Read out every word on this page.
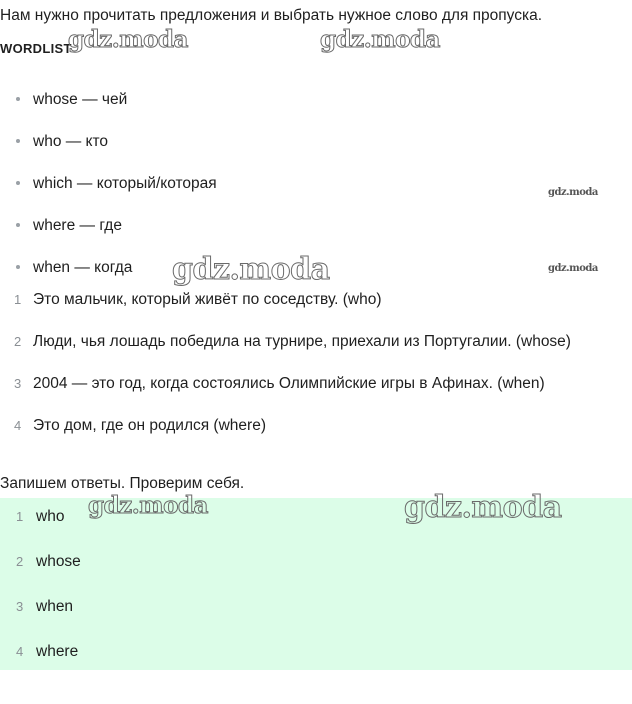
Нам нужно прочитать предложения и выбрать нужное слово для пропуска.
WORDLIST
whose — чей
who — кто
which — который/которая
where — где
when — когда
1 Это мальчик, который живёт по соседству. (who)
2 Люди, чья лошадь победила на турнире, приехали из Португалии. (whose)
3 2004 — это год, когда состоялись Олимпийские игры в Афинах. (when)
4 Это дом, где он родился (where)
Запишем ответы. Проверим себя.
1 who
2 whose
3 when
4 where
gdz.moda	gdz.moda
gdz.moda
gdz.moda	gdz.moda
